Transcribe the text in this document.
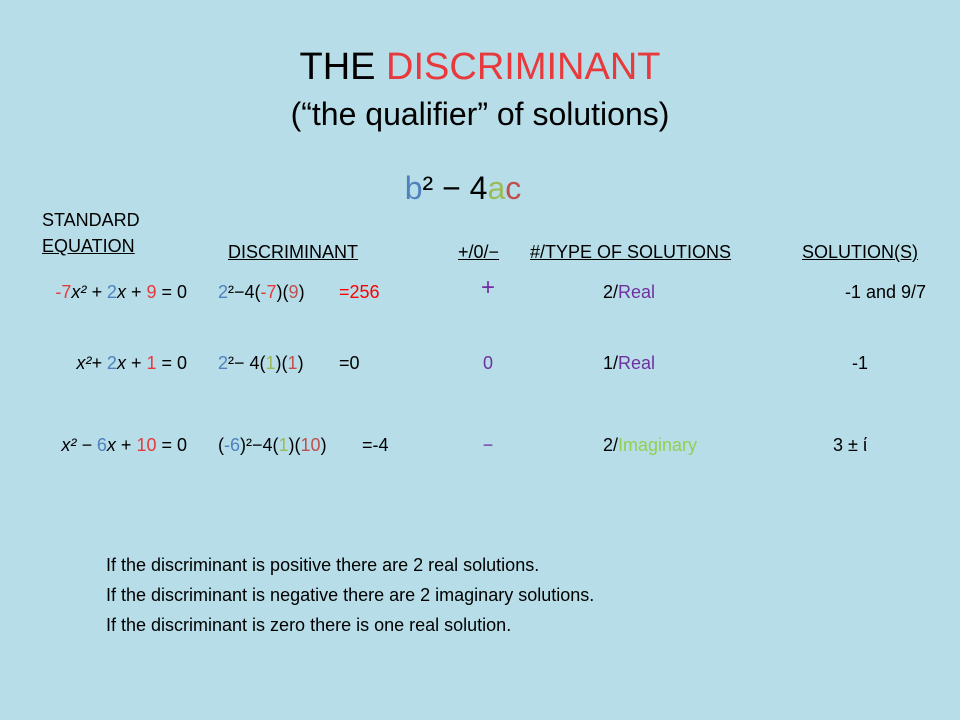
THE DISCRIMINANT
(“the qualifier” of solutions)
b² − 4ac
STANDARD
EQUATION	DISCRIMINANT	+/0/− #/TYPE OF SOLUTIONS	SOLUTION(S)
-7x² + 2x + 9 = 0 2²−4(-7)(9) =256	+	2/Real	-1 and 9/7
x²+ 2x + 1 = 0 2²− 4(1)(1) =0	0	1/Real	-1
x² − 6x + 10 = 0 (-6)²−4(1)(10) =-4	−	2/Imaginary	3 ± ί
If the discriminant is positive there are 2 real solutions.
If the discriminant is negative there are 2 imaginary solutions.
If the discriminant is zero there is one real solution.
